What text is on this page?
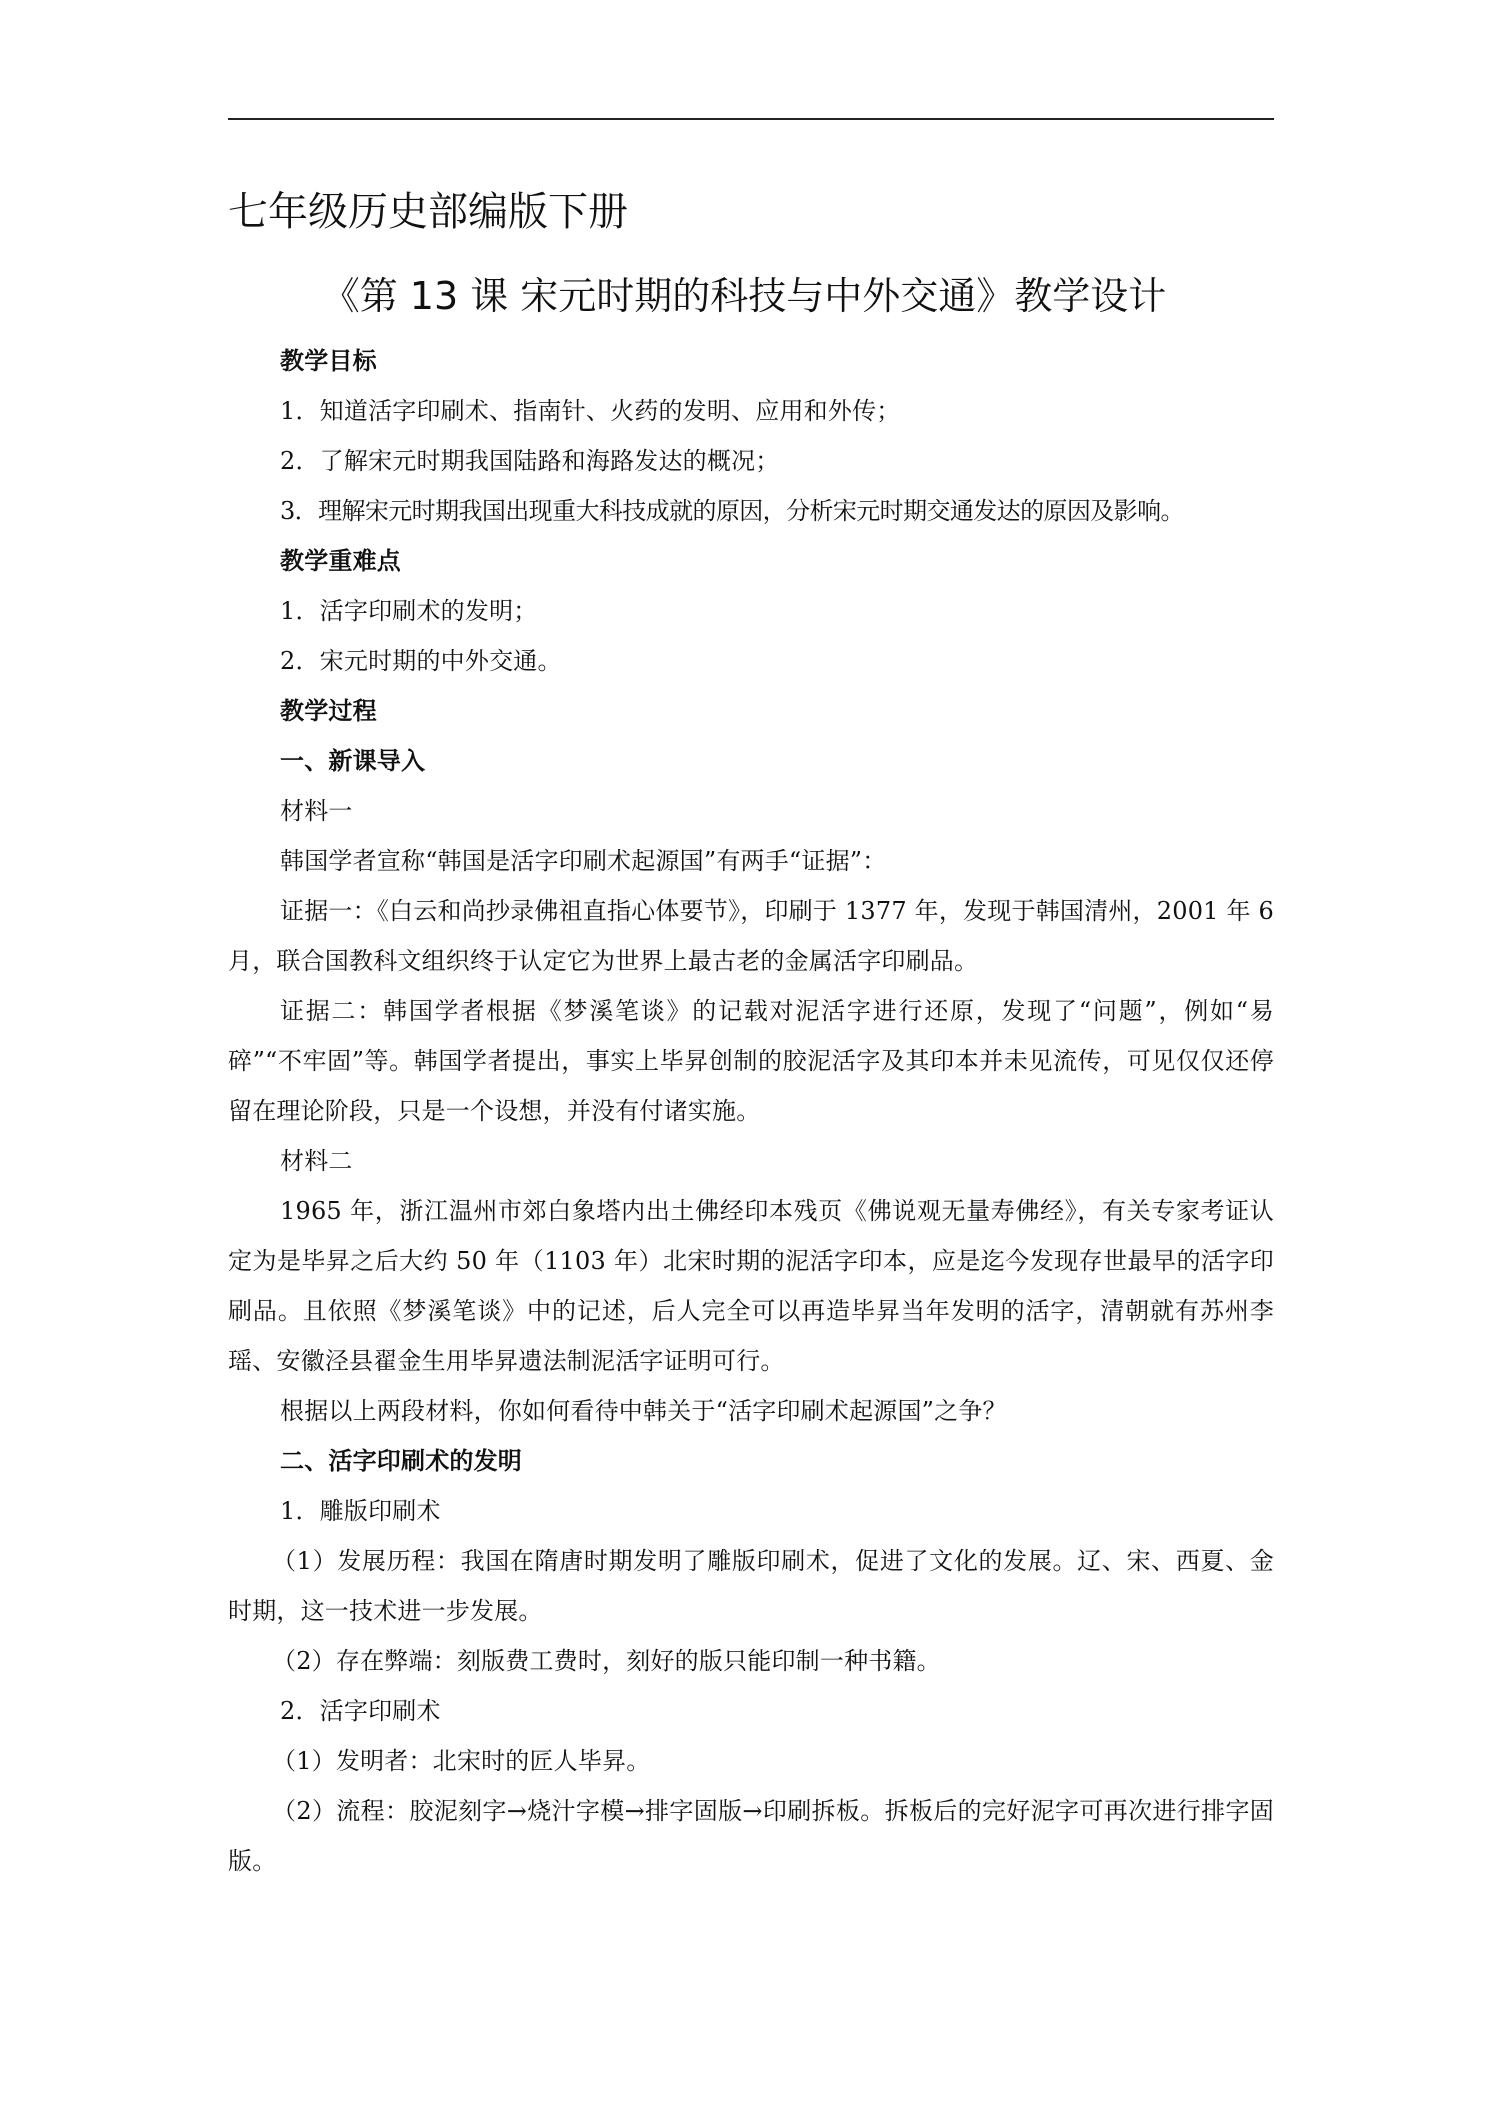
七年级历史部编版下册
《第 13 课 宋元时期的科技与中外交通》教学设计

教学目标

1．知道活字印刷术、指南针、火药的发明、应用和外传；

2．了解宋元时期我国陆路和海路发达的概况；

3．理解宋元时期我国出现重大科技成就的原因，分析宋元时期交通发达的原因及影响。

教学重难点

1．活字印刷术的发明；

2．宋元时期的中外交通。

教学过程

一、新课导入

材料一

韩国学者宣称“韩国是活字印刷术起源国”有两手“证据”：

证据一：《白云和尚抄录佛祖直指心体要节》，印刷于 1377 年，发现于韩国清州，2001 年 6 月，联合国教科文组织终于认定它为世界上最古老的金属活字印刷品。

证据二：韩国学者根据《梦溪笔谈》的记载对泥活字进行还原，发现了“问题”，例如“易碎”“不牢固”等。韩国学者提出，事实上毕昇创制的胶泥活字及其印本并未见流传，可见仅仅还停留在理论阶段，只是一个设想，并没有付诸实施。

材料二

1965 年，浙江温州市郊白象塔内出土佛经印本残页《佛说观无量寿佛经》，有关专家考证认定为是毕昇之后大约 50 年（1103 年）北宋时期的泥活字印本，应是迄今发现存世最早的活字印刷品。且依照《梦溪笔谈》中的记述，后人完全可以再造毕昇当年发明的活字，清朝就有苏州李瑶、安徽泾县翟金生用毕昇遗法制泥活字证明可行。

根据以上两段材料，你如何看待中韩关于“活字印刷术起源国”之争？

二、活字印刷术的发明

1．雕版印刷术

（1）发展历程：我国在隋唐时期发明了雕版印刷术，促进了文化的发展。辽、宋、西夏、金时期，这一技术进一步发展。

（2）存在弊端：刻版费工费时，刻好的版只能印制一种书籍。

2．活字印刷术

（1）发明者：北宋时的匠人毕昇。

（2）流程：胶泥刻字→烧汁字模→排字固版→印刷拆板。拆板后的完好泥字可再次进行排字固版。
